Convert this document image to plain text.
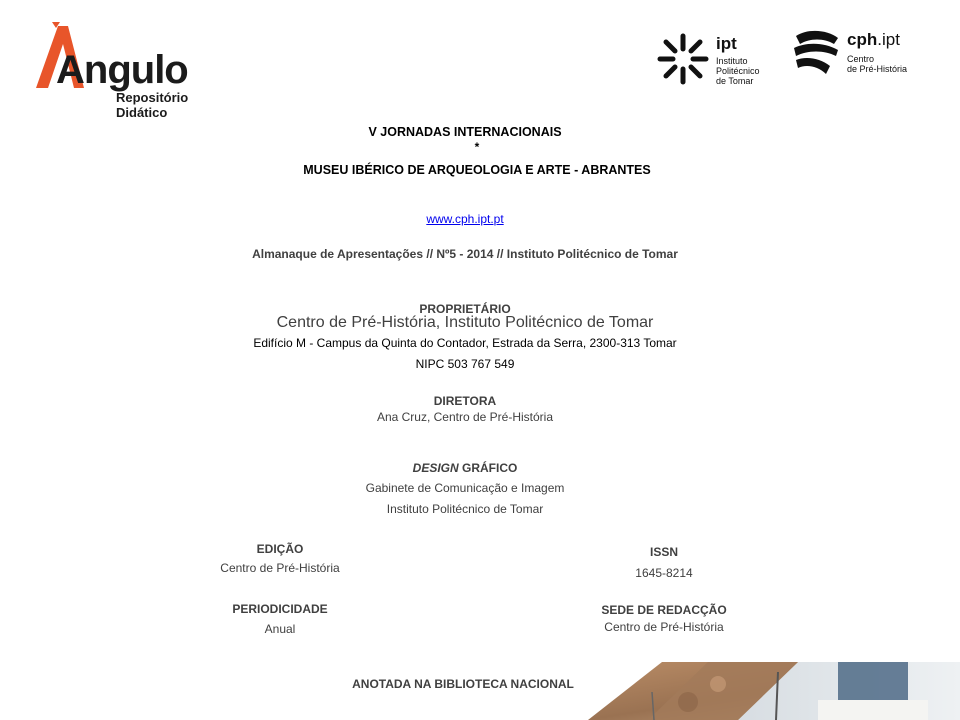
Angulo
Repositório
Didático
ipt
Instituto
Politécnico
de Tomar
cph.ipt
Centro
de Pré-História
V JORNADAS INTERNACIONAIS
*
MUSEU IBÉRICO DE ARQUEOLOGIA E ARTE - ABRANTES
www.cph.ipt.pt
Almanaque de Apresentações // Nº5 - 2014 // Instituto Politécnico de Tomar
PROPRIETÁRIO
Centro de Pré-História, Instituto Politécnico de Tomar
Edifício M - Campus da Quinta do Contador, Estrada da Serra, 2300-313 Tomar
NIPC 503 767 549
DIRETORA
Ana Cruz, Centro de Pré-História
DESIGN GRÁFICO
Gabinete de Comunicação e Imagem
Instituto Politécnico de Tomar
EDIÇÃO
Centro de Pré-História
PERIODICIDADE
Anual
ISSN
1645-8214
SEDE DE REDACÇÃO
Centro de Pré-História
ANOTADA NA BIBLIOTECA NACIONAL
